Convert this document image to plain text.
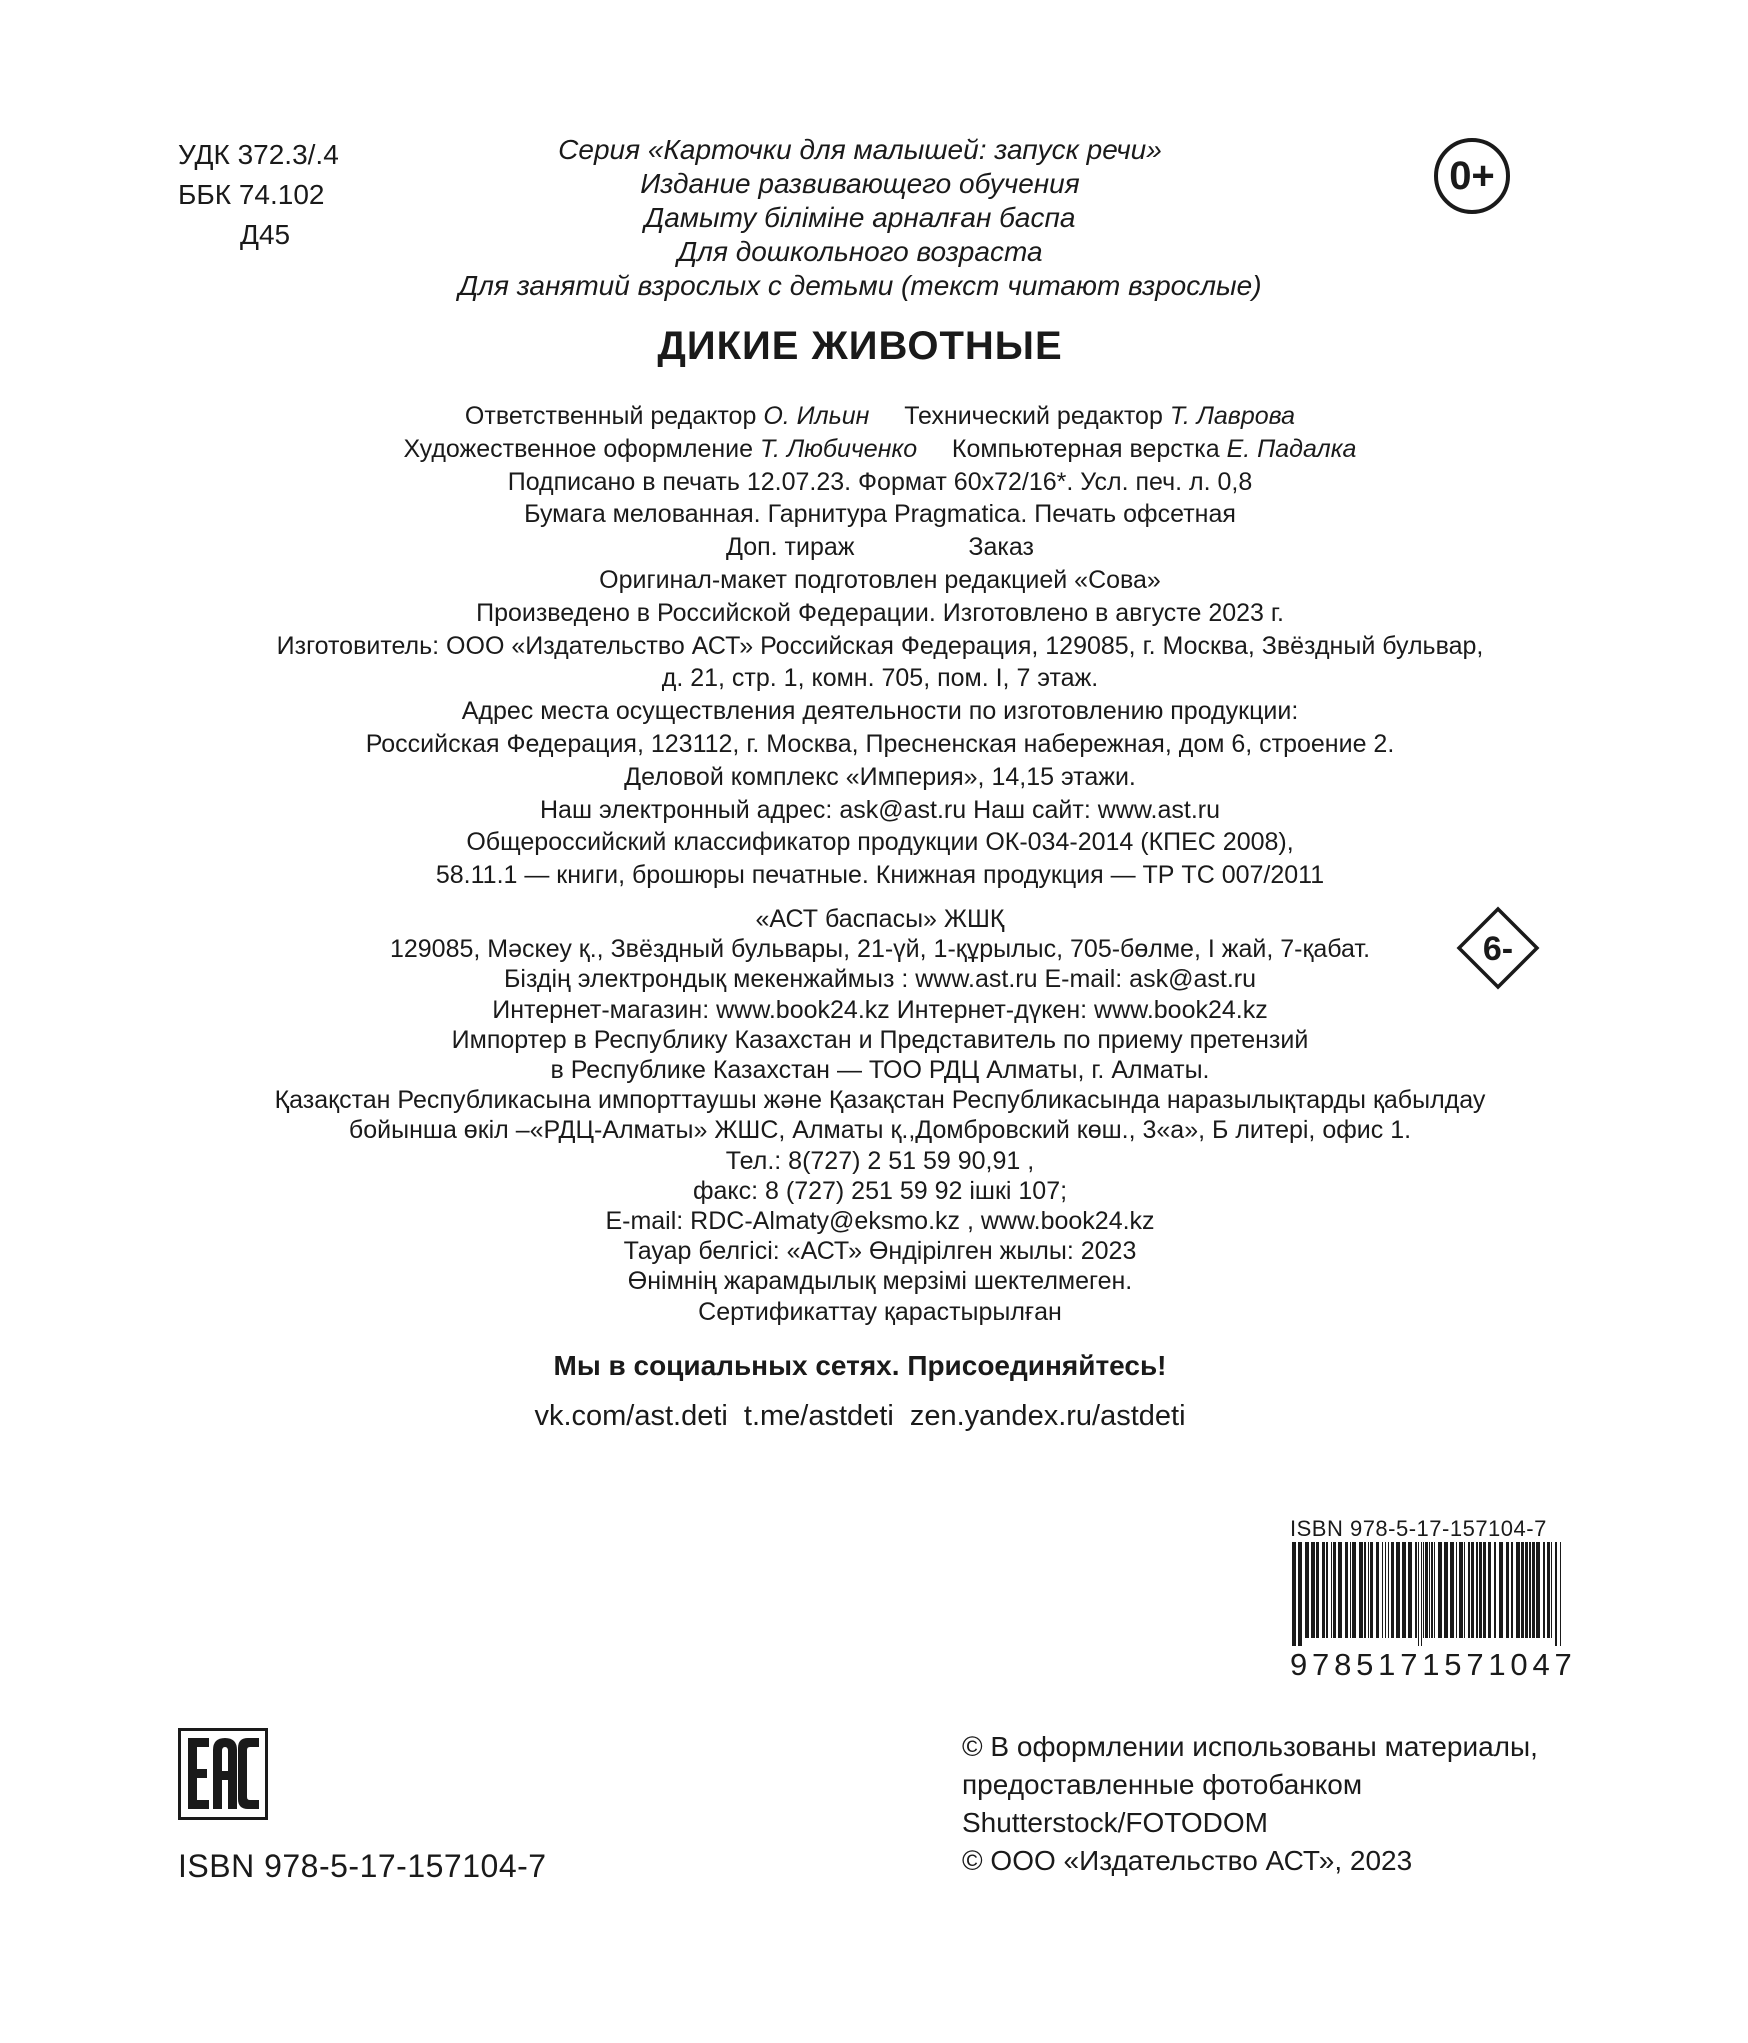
УДК 372.3/.4
ББК 74.102
Д45
Серия «Карточки для малышей: запуск речи»
Издание развивающего обучения
Дамыту біліміне арналған баспа
Для дошкольного возраста
Для занятий взрослых с детьми (текст читают взрослые)
0+
ДИКИЕ ЖИВОТНЫЕ
Ответственный редактор О. Ильин Технический редактор Т. Лаврова
Художественное оформление Т. Любиченко Компьютерная верстка Е. Падалка
Подписано в печать 12.07.23. Формат 60x72/16*. Усл. печ. л. 0,8
Бумага мелованная. Гарнитура Pragmatica. Печать офсетная
Доп. тираж	Заказ
Оригинал-макет подготовлен редакцией «Сова»
Произведено в Российской Федерации. Изготовлено в августе 2023 г.
Изготовитель: ООО «Издательство АСТ» Российская Федерация, 129085, г. Москва, Звёздный бульвар,
д. 21, стр. 1, комн. 705, пом. I, 7 этаж.
Адрес места осуществления деятельности по изготовлению продукции:
Российская Федерация, 123112, г. Москва, Пресненская набережная, дом 6, строение 2.
Деловой комплекс «Империя», 14,15 этажи.
Наш электронный адрес: ask@ast.ru Наш сайт: www.ast.ru
Общероссийский классификатор продукции ОК-034-2014 (КПЕС 2008),
58.11.1 — книги, брошюры печатные. Книжная продукция — ТР ТС 007/2011
«АСТ баспасы» ЖШҚ
129085, Мәскеу қ., Звёздный бульвары, 21-үй, 1-құрылыс, 705-бөлме, I жай, 7-қабат.
Біздің электрондық мекенжаймыз : www.ast.ru E-mail: ask@ast.ru
Интернет-магазин: www.book24.kz Интернет-дүкен: www.book24.kz
Импортер в Республику Казахстан и Представитель по приему претензий
в Республике Казахстан — ТОО РДЦ Алматы, г. Алматы.
Қазақстан Республикасына импорттаушы және Қазақстан Республикасында наразылықтарды қабылдау
бойынша өкіл –«РДЦ-Алматы» ЖШС, Алматы қ.,Домбровский көш., 3«а», Б литері, офис 1.
Тел.: 8(727) 2 51 59 90,91 ,
факс: 8 (727) 251 59 92 ішкі 107;
E-mail: RDC-Almaty@eksmo.kz , www.book24.kz
Тауар белгісі: «АСТ» Өндірілген жылы: 2023
Өнімнің жарамдылық мерзімі шектелмеген.
Сертификаттау қарастырылған
6-
Мы в социальных сетях. Присоединяйтесь!
vk.com/ast.deti t.me/astdeti zen.yandex.ru/astdeti
ISBN 978-5-17-157104-7
9785171571047
ISBN 978-5-17-157104-7
© В оформлении использованы материалы,
предоставленные фотобанком
Shutterstock/FOTODOM
© ООО «Издательство АСТ», 2023
